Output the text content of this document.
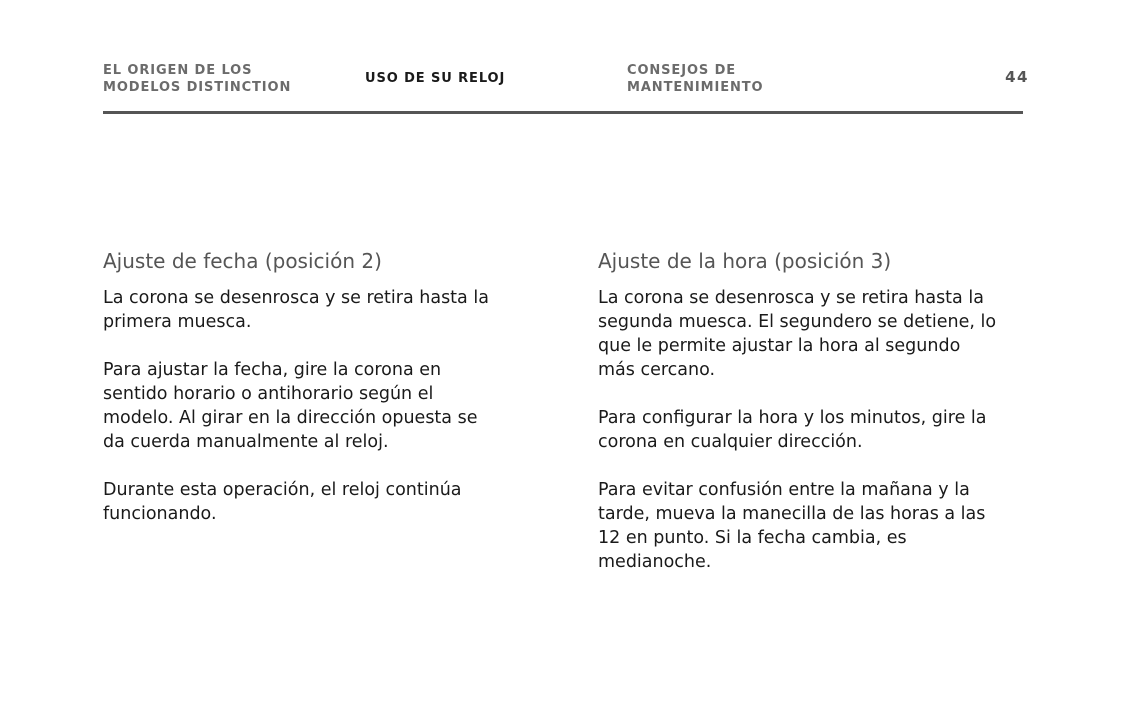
EL ORIGEN DE LOS MODELOS DISTINCTION
USO DE SU RELOJ
CONSEJOS DE MANTENIMIENTO
44
Ajuste de fecha (posición 2)

La corona se desenrosca y se retira hasta la primera muesca.

Para ajustar la fecha, gire la corona en sentido horario o antihorario según el modelo. Al girar en la dirección opuesta se da cuerda manualmente al reloj.

Durante esta operación, el reloj continúa funcionando.

Ajuste de la hora (posición 3)

La corona se desenrosca y se retira hasta la segunda muesca. El segundero se detiene, lo que le permite ajustar la hora al segundo más cercano.

Para configurar la hora y los minutos, gire la corona en cualquier dirección.

Para evitar confusión entre la mañana y la tarde, mueva la manecilla de las horas a las 12 en punto. Si la fecha cambia, es medianoche.
